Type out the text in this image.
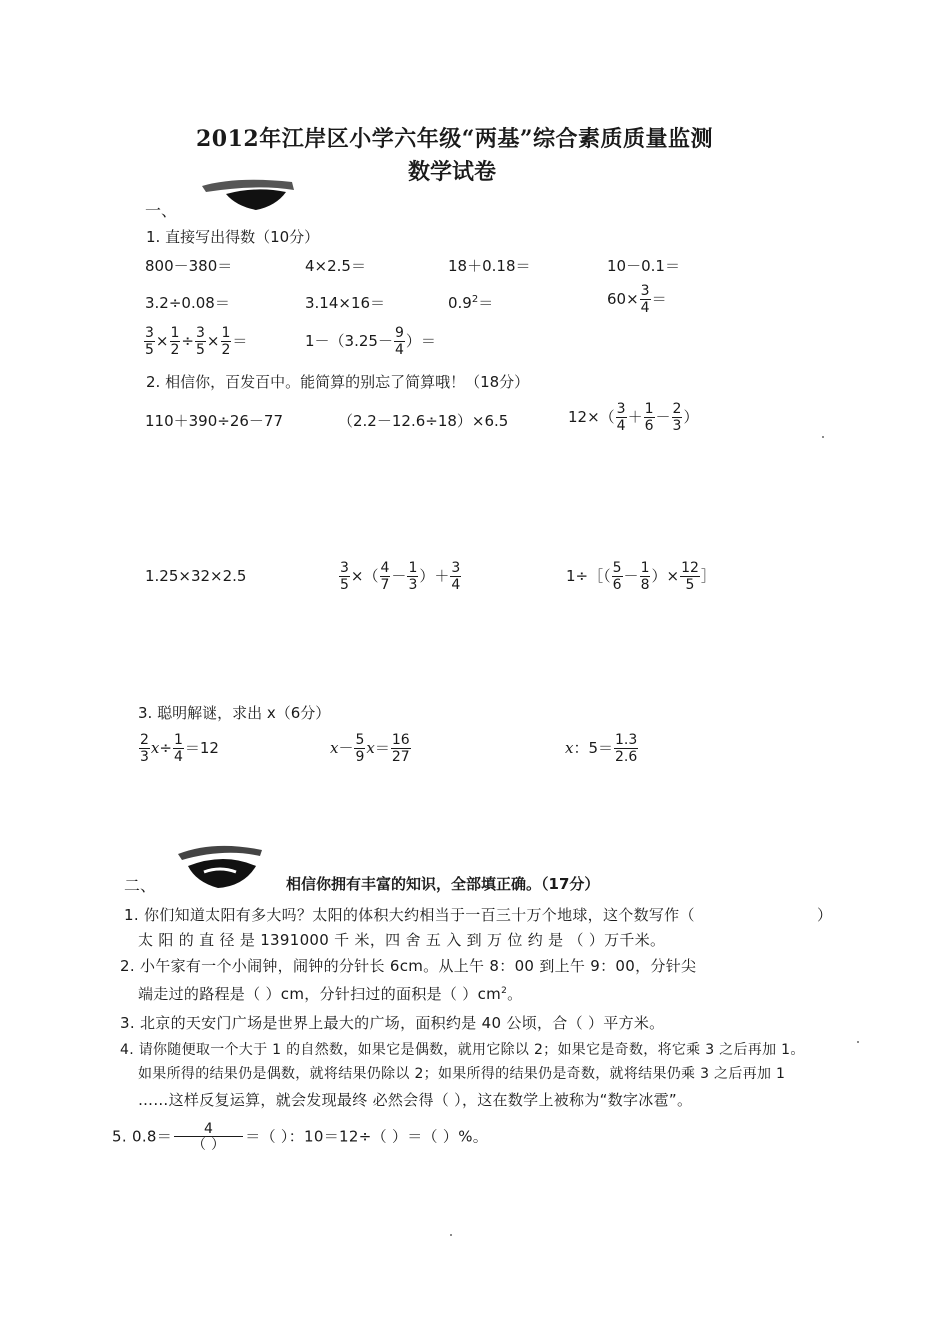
2012年江岸区小学六年级“两基”综合素质质量监测
数学试卷
一、
1. 直接写出得数（10分）
800－380＝	4×2.5＝	18＋0.18＝	10－0.1＝
3.2÷0.08＝	3.14×16＝	$0.9^2=$	$60\times \frac{3}{4}$ ＝
$\frac{3}{5} \times \frac{1}{2} \div \frac{3}{5} \times \frac{1}{2}$ ＝	$1-(3.25- \frac{9}{4}$ ）＝
2. 相信你，百发百中。能简算的别忘了简算哦！（18分）
110＋390÷26－77	（2.2－12.6÷18）×6.5	$12\times( \frac{3}{4} + \frac{1}{6} - \frac{2}{3}$ ）
1.25×32×2.5	$\frac{3}{5}$ ×（ $\frac{4}{7} - \frac{1}{3}$ ）＋ $\frac{3}{4}$	1÷［（ $\frac{5}{6} - \frac{1}{8}$ ）× $\frac{12}{5}$ ］
3. 聪明解谜，求出 x（6分）
$\frac{2}{3} x\div \frac{1}{4} =12$	$x- \frac{5}{9} x= \frac{16}{27}$	x：$5= \frac{1.3}{2.6}$
二、	相信你拥有丰富的知识，全部填正确。（17分）
1. 你们知道太阳有多大吗？太阳的体积大约相当于一百三十万个地球，这个数写作（	）
太 阳 的 直 径 是 1391000 千 米，四 舍 五 入 到 万 位 约 是 （ ）万千米。
2. 小午家有一个小闹钟，闹钟的分针长 6cm。从上午 8：00 到上午 9：00，分针尖
端走过的路程是（ ）cm，分针扫过的面积是（ ）$cm^2$。
3. 北京的天安门广场是世界上最大的广场，面积约是 40 公顷，合（ ）平方米。
4. 请你随便取一个大于 1 的自然数，如果它是偶数，就用它除以 2；如果它是奇数，将它乘 3 之后再加 1。
如果所得的结果仍是偶数，就将结果仍除以 2；如果所得的结果仍是奇数，就将结果仍乘 3 之后再加 1
……这样反复运算，就会发现最终 必然会得（ ），这在数学上被称为“数字冰雹”。
5. $0.8= \frac{4}{( )}$ ＝（ ）：10＝12÷（ ）＝（ ）%。
